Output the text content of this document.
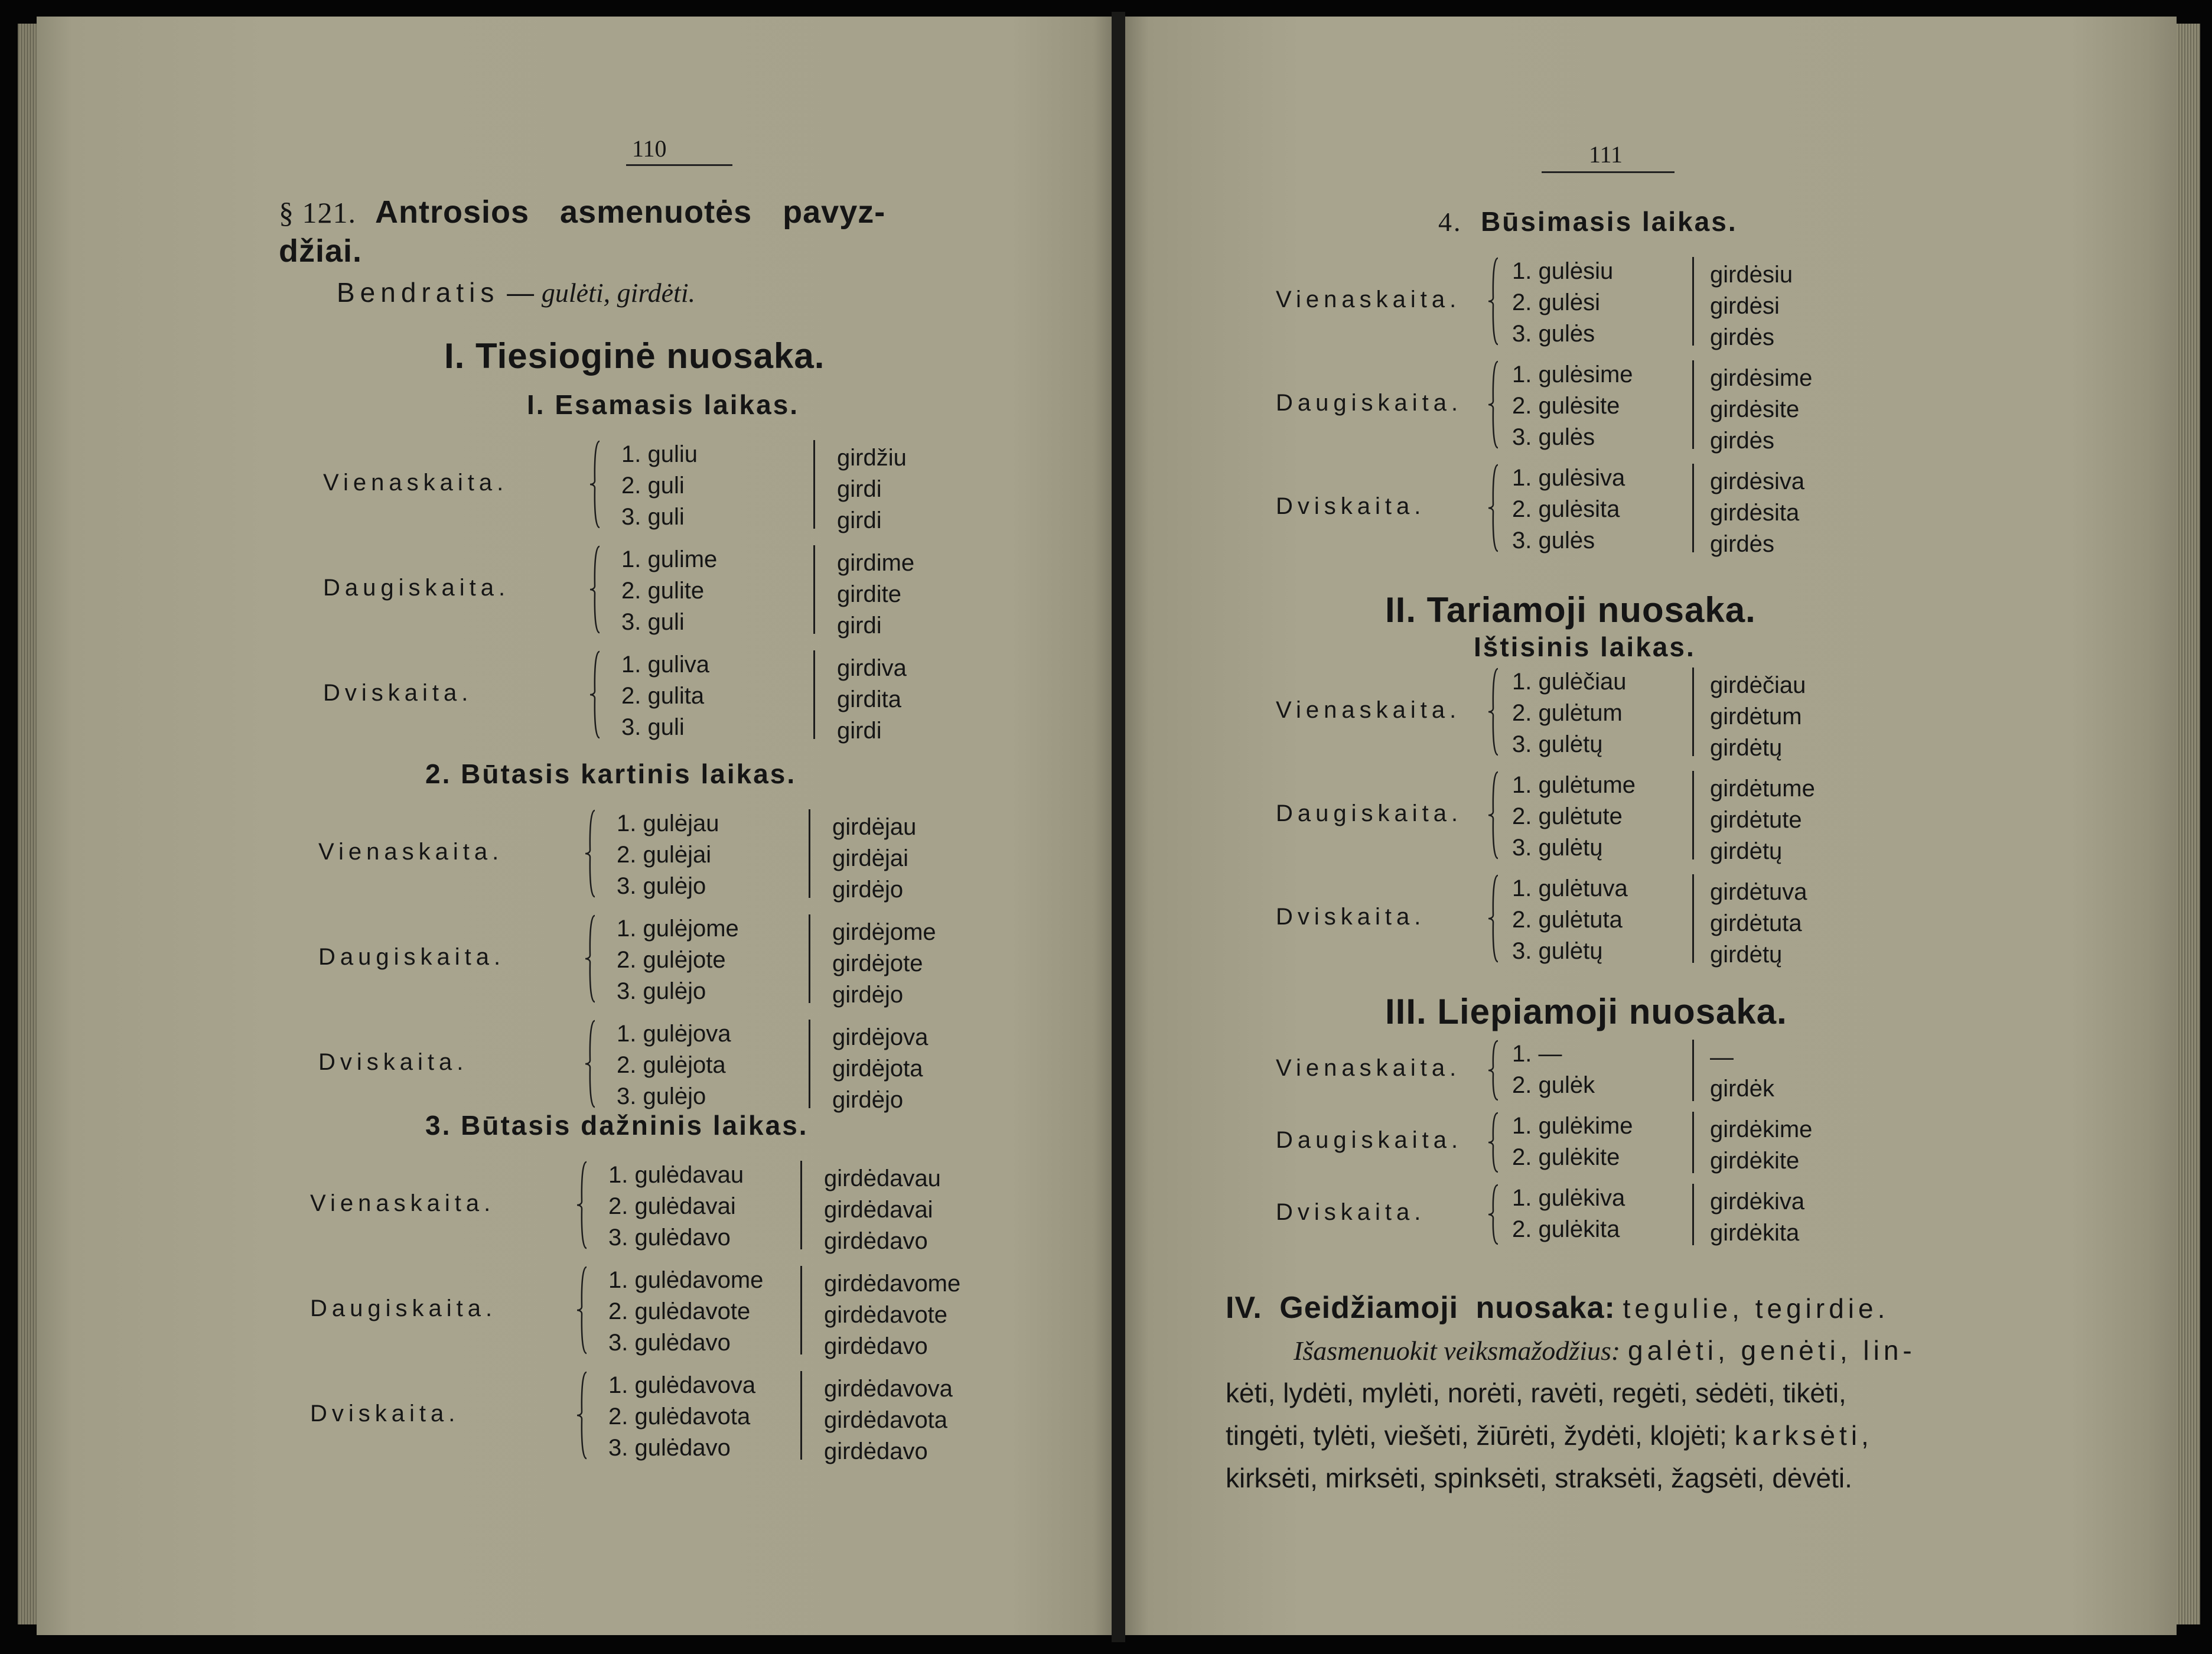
110
§ 121. Antrosios asmenuotės pavyz-
džiai.
Bendratis — gulėti, girdėti.
I. Tiesioginė nuosaka.
I. Esamasis laikas.
Vienaskaita.
1. guliu
2. guli
3. guli
girdžiu
girdi
girdi
Daugiskaita.
1. gulime
2. gulite
3. guli
girdime
girdite
girdi
Dviskaita.
1. guliva
2. gulita
3. guli
girdiva
girdita
girdi
2. Būtasis kartinis laikas.
Vienaskaita.
1. gulėjau
2. gulėjai
3. gulėjo
girdėjau
girdėjai
girdėjo
Daugiskaita.
1. gulėjome
2. gulėjote
3. gulėjo
girdėjome
girdėjote
girdėjo
Dviskaita.
1. gulėjova
2. gulėjota
3. gulėjo
girdėjova
girdėjota
girdėjo
3. Būtasis dažninis laikas.
Vienaskaita.
1. gulėdavau
2. gulėdavai
3. gulėdavo
girdėdavau
girdėdavai
girdėdavo
Daugiskaita.
1. gulėdavome
2. gulėdavote
3. gulėdavo
girdėdavome
girdėdavote
girdėdavo
Dviskaita.
1. gulėdavova
2. gulėdavota
3. gulėdavo
girdėdavova
girdėdavota
girdėdavo
111
4. Būsimasis laikas.
Vienaskaita.
1. gulėsiu
2. gulėsi
3. gulės
girdėsiu
girdėsi
girdės
Daugiskaita.
1. gulėsime
2. gulėsite
3. gulės
girdėsime
girdėsite
girdės
Dviskaita.
1. gulėsiva
2. gulėsita
3. gulės
girdėsiva
girdėsita
girdės
II. Tariamoji nuosaka.
Ištisinis laikas.
Vienaskaita.
1. gulėčiau
2. gulėtum
3. gulėtų
girdėčiau
girdėtum
girdėtų
Daugiskaita.
1. gulėtume
2. gulėtute
3. gulėtų
girdėtume
girdėtute
girdėtų
Dviskaita.
1. gulėtuva
2. gulėtuta
3. gulėtų
girdėtuva
girdėtuta
girdėtų
III. Liepiamoji nuosaka.
Vienaskaita.
1. —
2. gulėk
—
girdėk
Daugiskaita.
1. gulėkime
2. gulėkite
girdėkime
girdėkite
Dviskaita.
1. gulėkiva
2. gulėkita
girdėkiva
girdėkita
IV. Geidžiamoji nuosaka: tegulie, tegirdie.
Išasmenuokit veiksmažodžius: galėti, genėti, lin-
kėti, lydėti, mylėti, norėti, ravėti, regėti, sėdėti, tikėti,
tingėti, tylėti, viešėti, žiūrėti, žydėti, klojėti; karksėti,
kirksėti, mirksėti, spinksėti, straksėti, žagsėti, dėvėti.
